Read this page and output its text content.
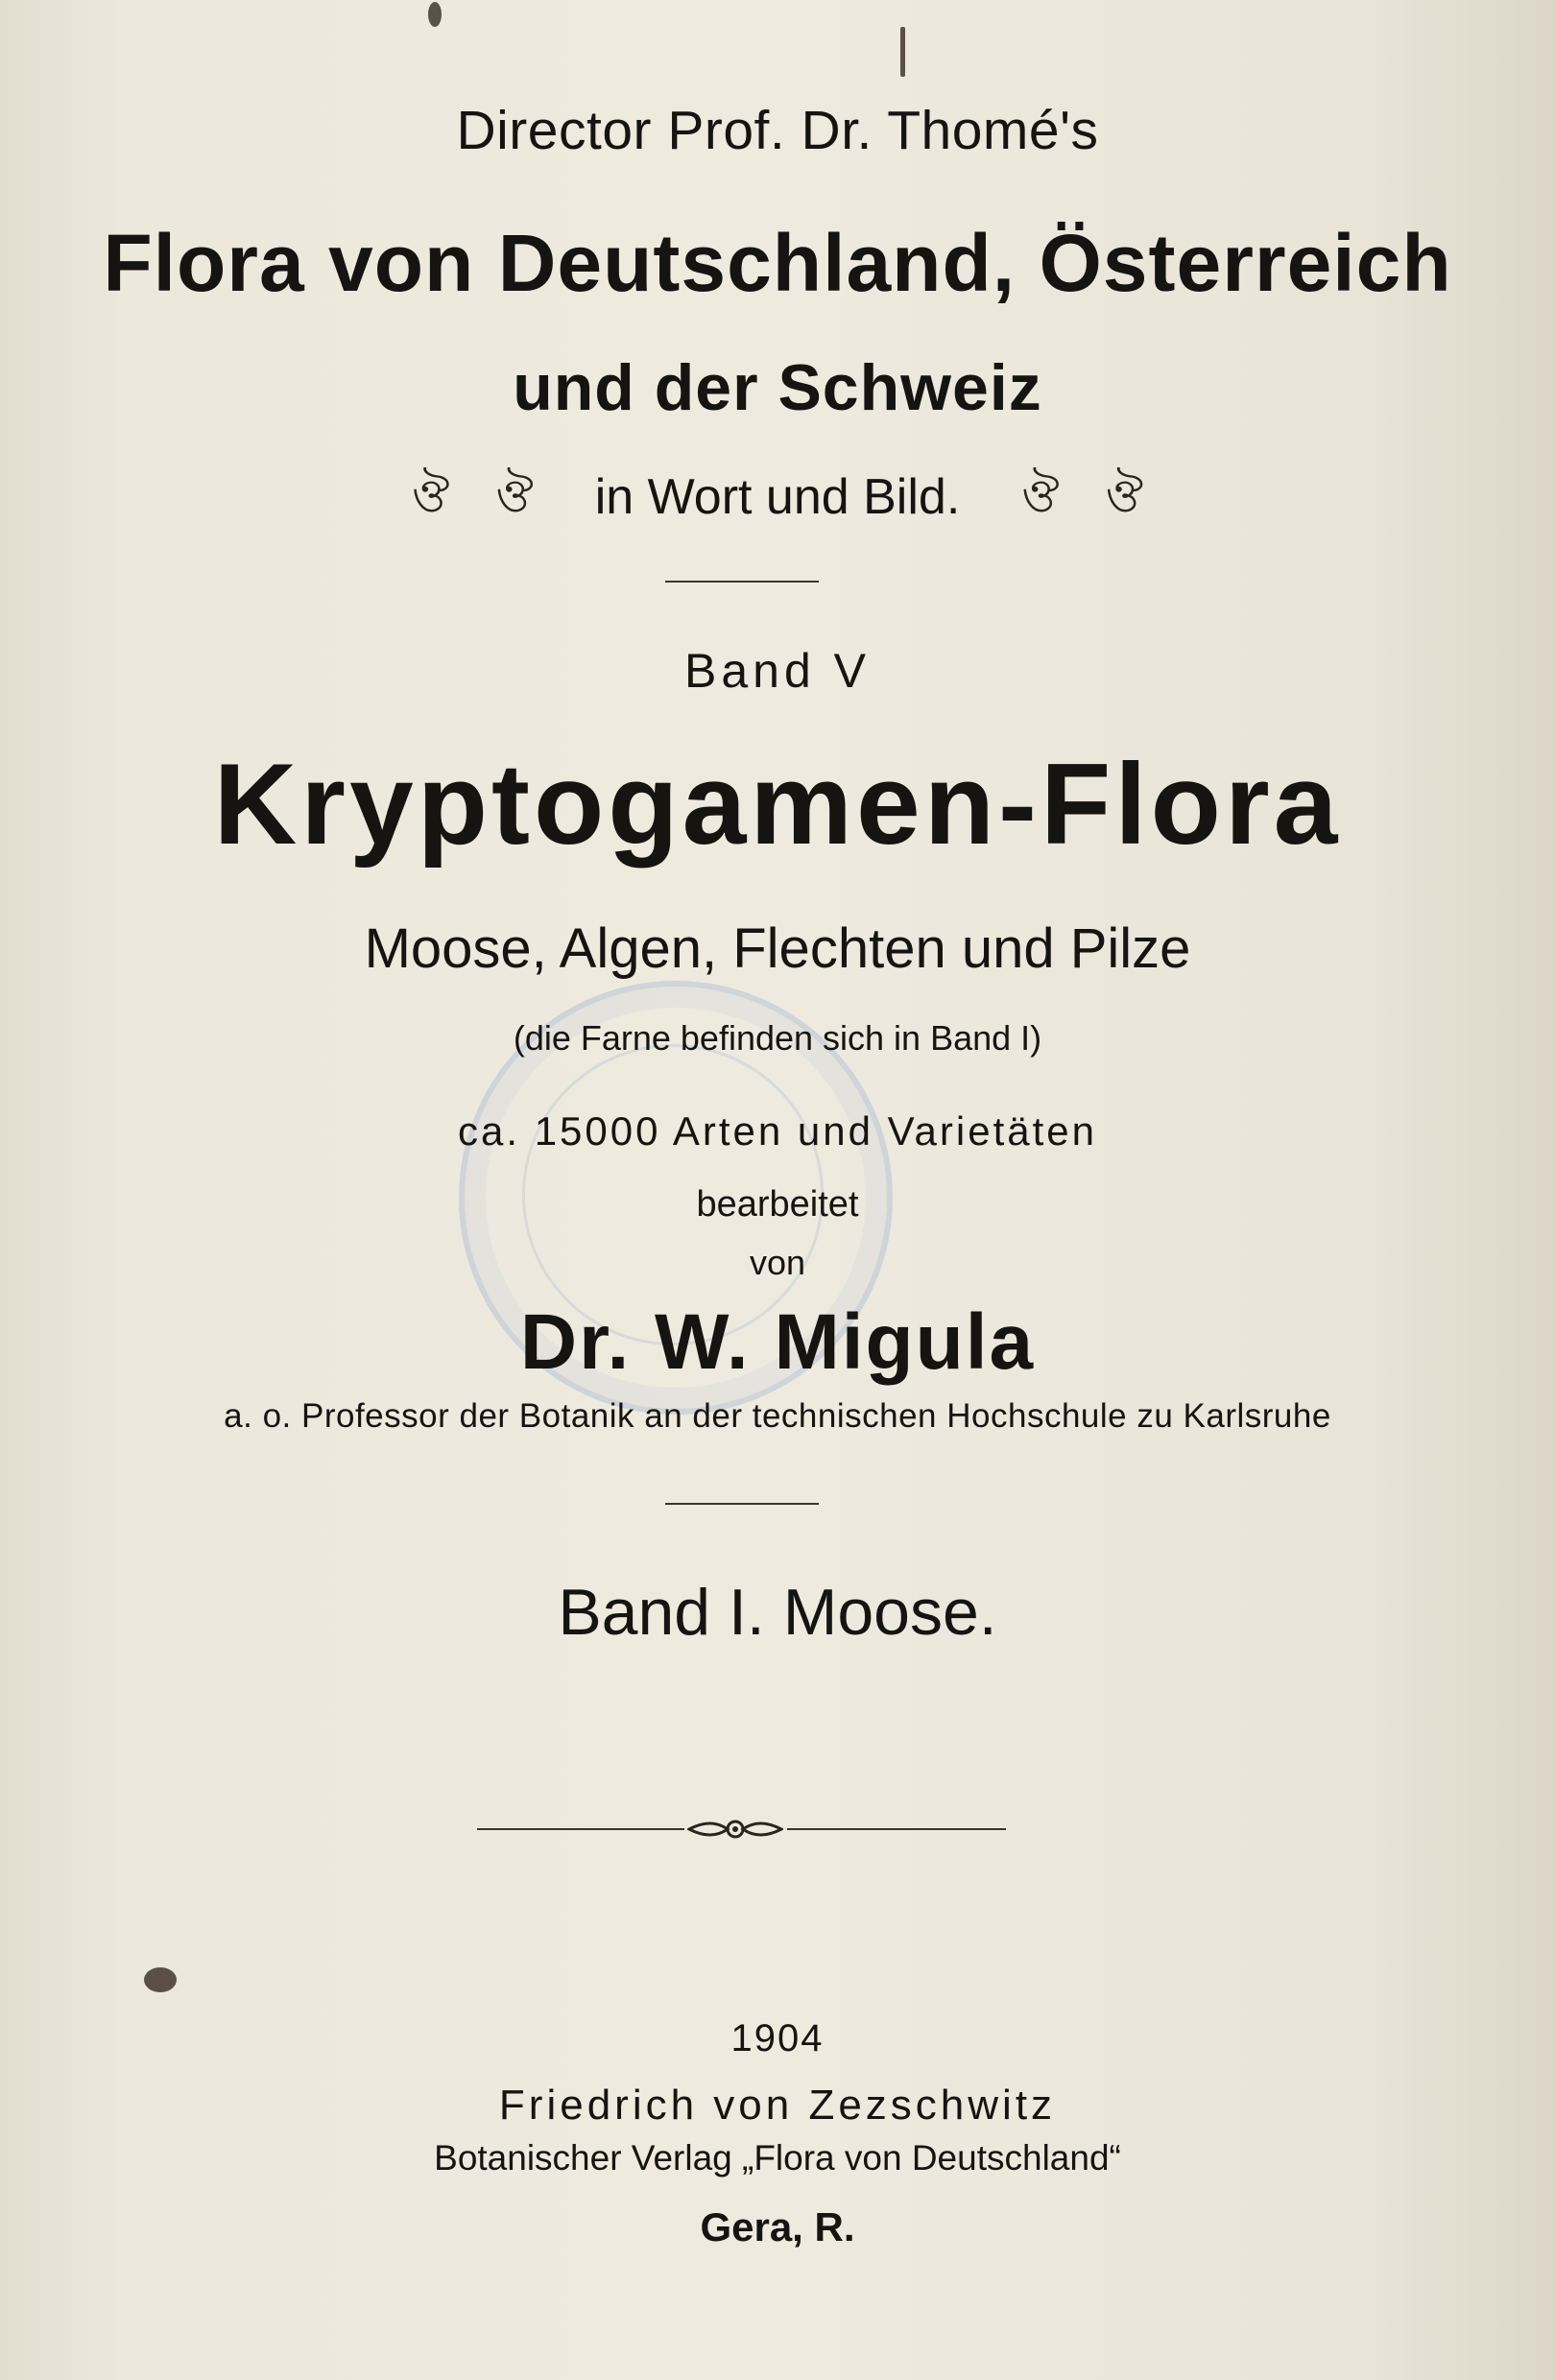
Director Prof. Dr. Thomé's
Flora von Deutschland, Österreich
und der Schweiz
ঔ ঔ in Wort und Bild. ঔ ঔ
Band V
Kryptogamen-Flora
Moose, Algen, Flechten und Pilze
(die Farne befinden sich in Band I)
ca. 15000 Arten und Varietäten
bearbeitet
von
Dr. W. Migula
a. o. Professor der Botanik an der technischen Hochschule zu Karlsruhe
Band I. Moose.
1904
Friedrich von Zezschwitz
Botanischer Verlag „Flora von Deutschland“
Gera, R.
